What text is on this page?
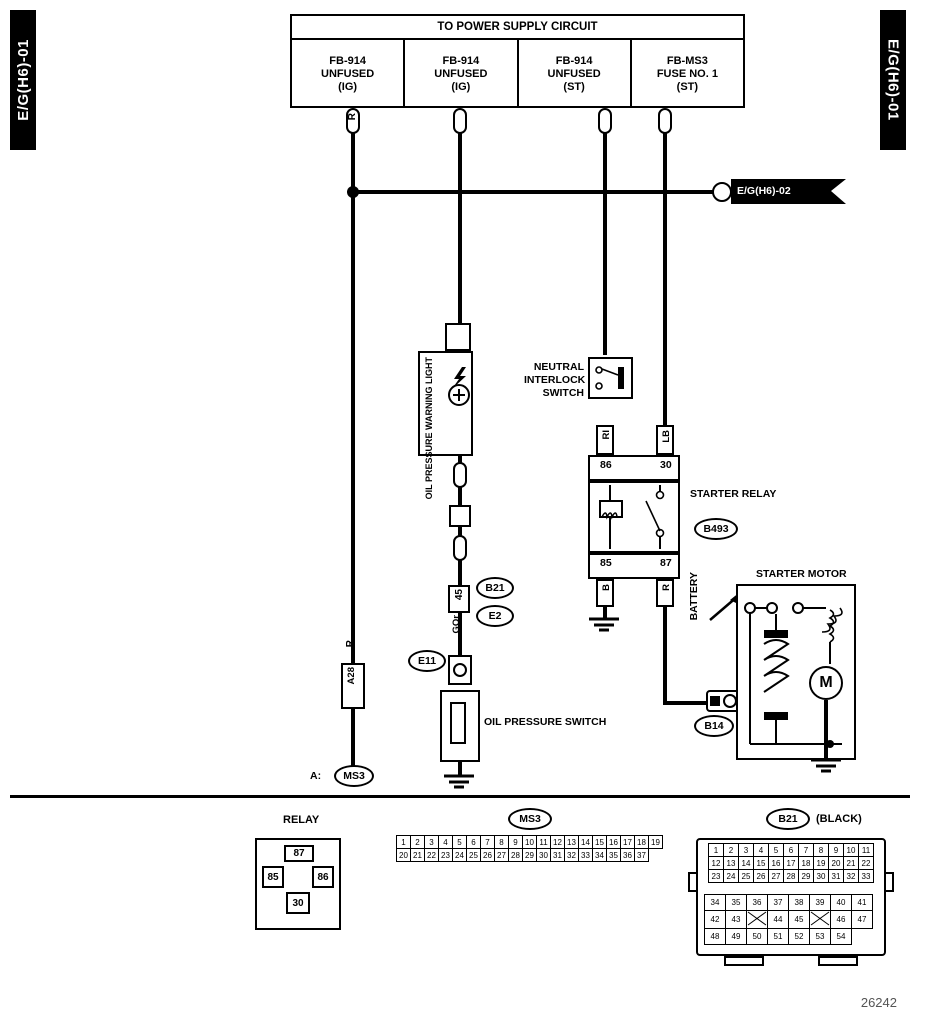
E/G(H6)-01	E/G(H6)-01
TO POWER SUPPLY CIRCUIT
FB-914
UNFUSED
(IG)
FB-914
UNFUSED
(IG)
FB-914
UNFUSED
(ST)
FB-MS3
FUSE NO. 1
(ST)
R
E/G(H6)-02
OIL PRESSURE WARNING LIGHT
45
B21
E2
GOr
E11
OIL PRESSURE SWITCH
A28
R
A:	MS3
NEUTRAL INTERLOCK SWITCH
RI	LB
86	30
85	87
STARTER RELAY
B493
B	R
B14
BATTERY	STARTER MOTOR
M
RELAY
87
85	86
30
MS3
1	2	3	4	5	6	7	8	9	10	11	12	13	14	15	16	17	18	19
20	21	22	23	24	25	26	27	28	29	30	31	32	33	34	35	36	37
B21	(BLACK)
1	2	3	4	5	6	7	8	9	10	11
12	13	14	15	16	17	18	19	20	21	22
23	24	25	26	27	28	29	30	31	32	33
34	35	36	37	38	39	40	41
42	43		44	45		46	47
48	49	50	51	52	53	54	
26242
